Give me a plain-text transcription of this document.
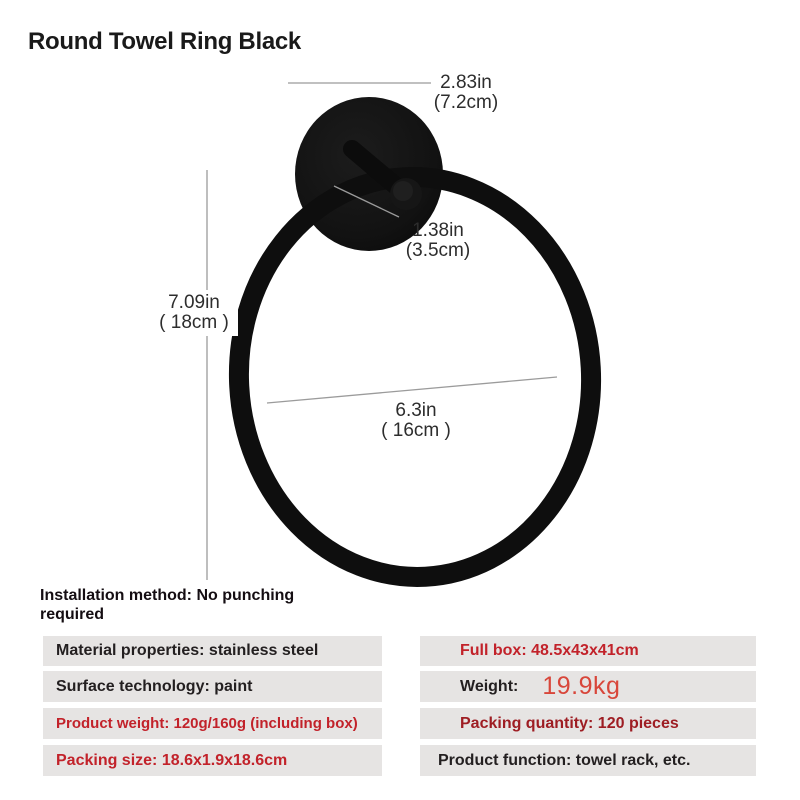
Round Towel Ring Black
2.83in
(7.2cm)
1.38in
(3.5cm)
7.09in
( 18cm )
6.3in
( 16cm )
Installation method: No punching
required
Material properties: stainless steel
Surface technology: paint
Product weight: 120g/160g (including box)
Packing size: 18.6x1.9x18.6cm
Full box: 48.5x43x41cm
Weight: 19.9kg
Packing quantity: 120 pieces
Product function: towel rack, etc.
